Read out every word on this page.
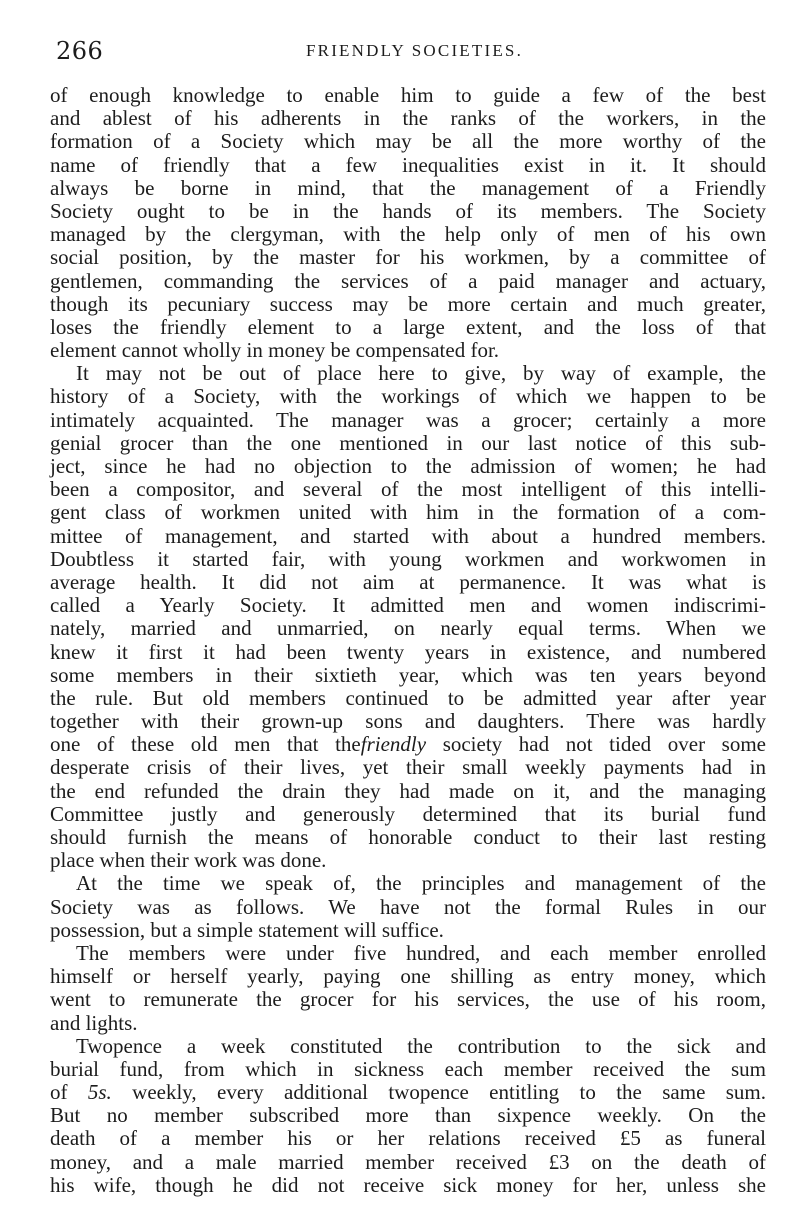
266	FRIENDLY SOCIETIES.
of enough knowledge to enable him to guide a few of the best
and ablest of his adherents in the ranks of the workers, in the
formation of a Society which may be all the more worthy of the
name of friendly that a few inequalities exist in it. It should
always be borne in mind, that the management of a Friendly
Society ought to be in the hands of its members. The Society
managed by the clergyman, with the help only of men of his own
social position, by the master for his workmen, by a committee of
gentlemen, commanding the services of a paid manager and actuary,
though its pecuniary success may be more certain and much greater,
loses the friendly element to a large extent, and the loss of that
element cannot wholly in money be compensated for.
It may not be out of place here to give, by way of example, the
history of a Society, with the workings of which we happen to be
intimately acquainted. The manager was a grocer; certainly a more
genial grocer than the one mentioned in our last notice of this sub-
ject, since he had no objection to the admission of women; he had
been a compositor, and several of the most intelligent of this intelli-
gent class of workmen united with him in the formation of a com-
mittee of management, and started with about a hundred members.
Doubtless it started fair, with young workmen and workwomen in
average health. It did not aim at permanence. It was what is
called a Yearly Society. It admitted men and women indiscrimi-
nately, married and unmarried, on nearly equal terms. When we
knew it first it had been twenty years in existence, and numbered
some members in their sixtieth year, which was ten years beyond
the rule. But old members continued to be admitted year after year
together with their grown-up sons and daughters. There was hardly
one of these old men that thefriendly society had not tided over some
desperate crisis of their lives, yet their small weekly payments had in
the end refunded the drain they had made on it, and the managing
Committee justly and generously determined that its burial fund
should furnish the means of honorable conduct to their last resting
place when their work was done.
At the time we speak of, the principles and management of the
Society was as follows. We have not the formal Rules in our
possession, but a simple statement will suffice.
The members were under five hundred, and each member enrolled
himself or herself yearly, paying one shilling as entry money, which
went to remunerate the grocer for his services, the use of his room,
and lights.
Twopence a week constituted the contribution to the sick and
burial fund, from which in sickness each member received the sum
of 5s. weekly, every additional twopence entitling to the same sum.
But no member subscribed more than sixpence weekly. On the
death of a member his or her relations received £5 as funeral
money, and a male married member received £3 on the death of
his wife, though he did not receive sick money for her, unless she
